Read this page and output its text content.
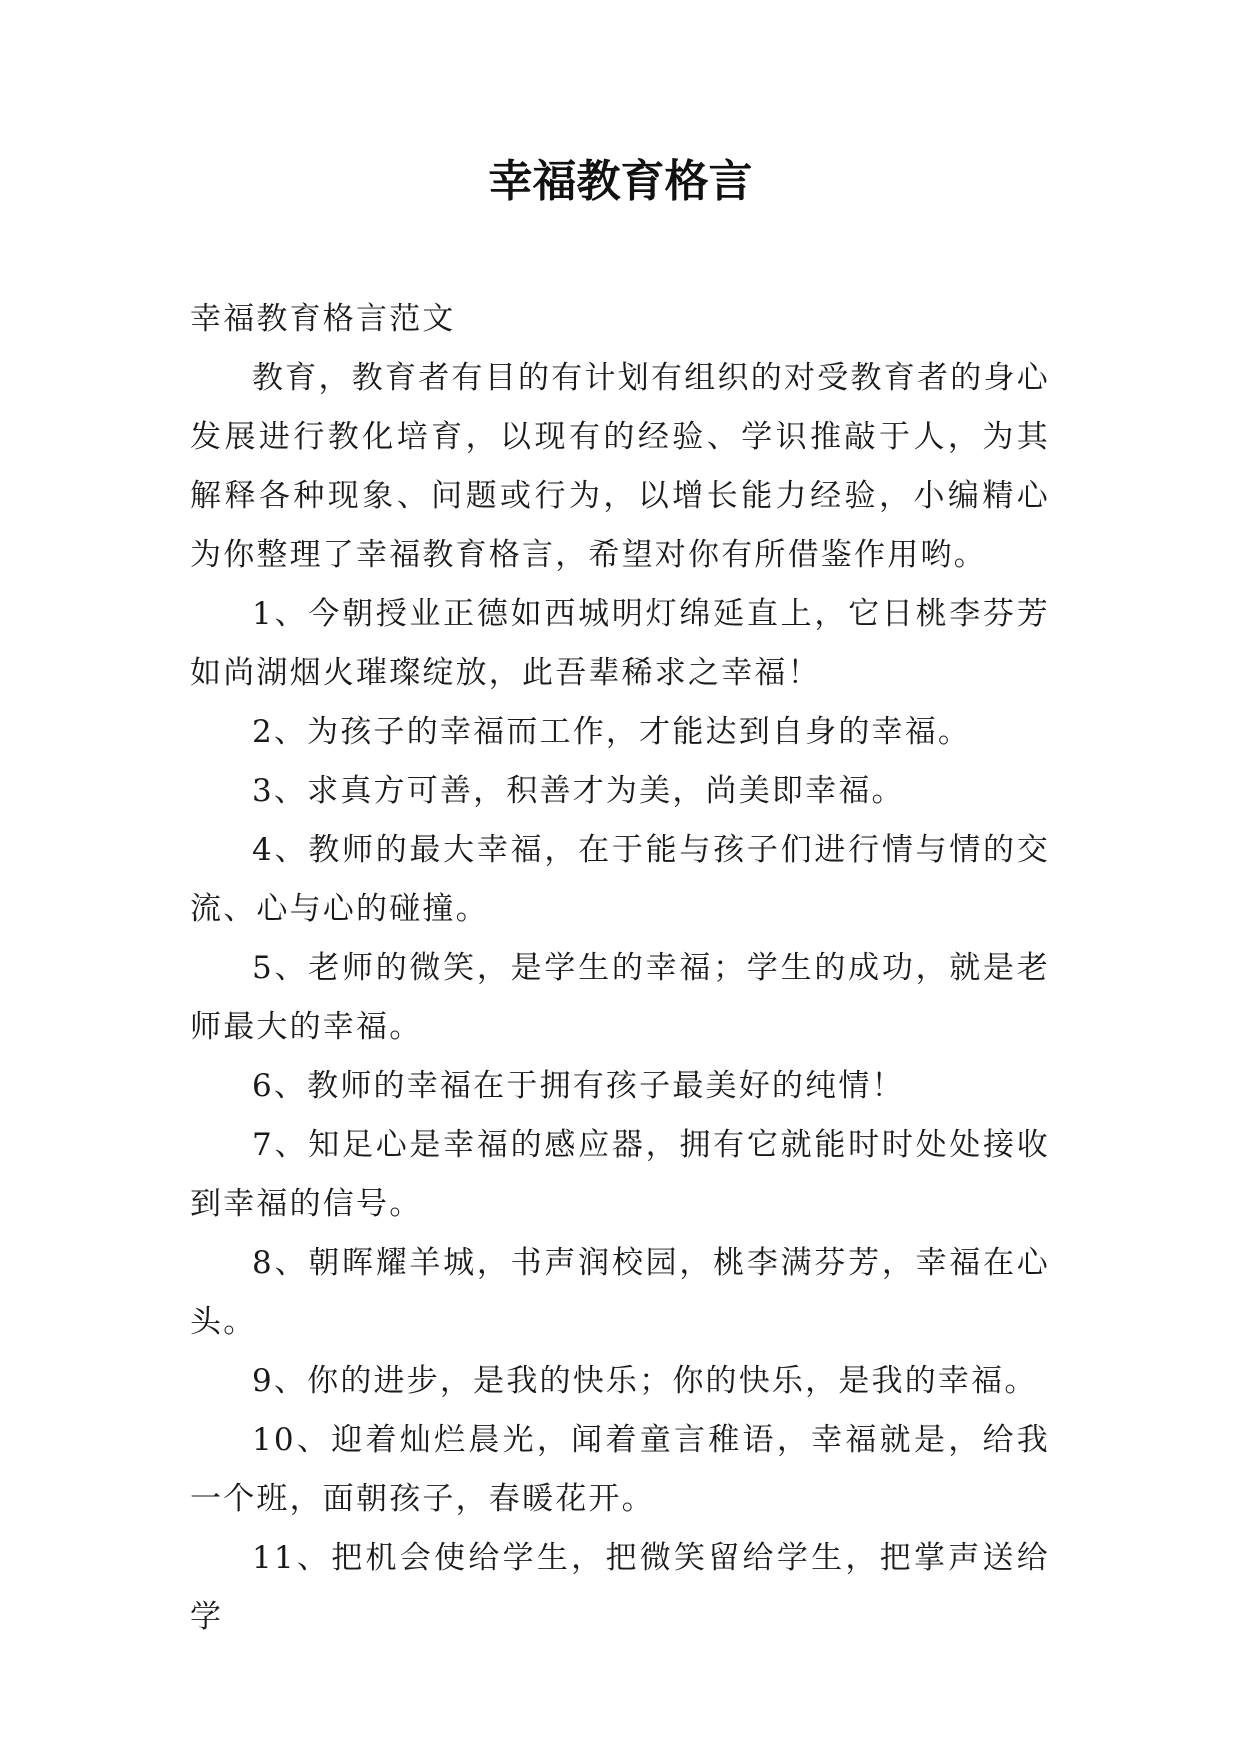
幸福教育格言

幸福教育格言范文

教育，教育者有目的有计划有组织的对受教育者的身心发展进行教化培育，以现有的经验、学识推敲于人，为其解释各种现象、问题或行为，以增长能力经验，小编精心为你整理了幸福教育格言，希望对你有所借鉴作用哟。

1、今朝授业正德如西城明灯绵延直上，它日桃李芬芳如尚湖烟火璀璨绽放，此吾辈稀求之幸福！

2、为孩子的幸福而工作，才能达到自身的幸福。

3、求真方可善，积善才为美，尚美即幸福。

4、教师的最大幸福，在于能与孩子们进行情与情的交流、心与心的碰撞。

5、老师的微笑，是学生的幸福；学生的成功，就是老师最大的幸福。

6、教师的幸福在于拥有孩子最美好的纯情！

7、知足心是幸福的感应器，拥有它就能时时处处接收到幸福的信号。

8、朝晖耀羊城，书声润校园，桃李满芬芳，幸福在心头。

9、你的进步，是我的快乐；你的快乐，是我的幸福。

10、迎着灿烂晨光，闻着童言稚语，幸福就是，给我一个班，面朝孩子，春暖花开。

11、把机会使给学生，把微笑留给学生，把掌声送给学
